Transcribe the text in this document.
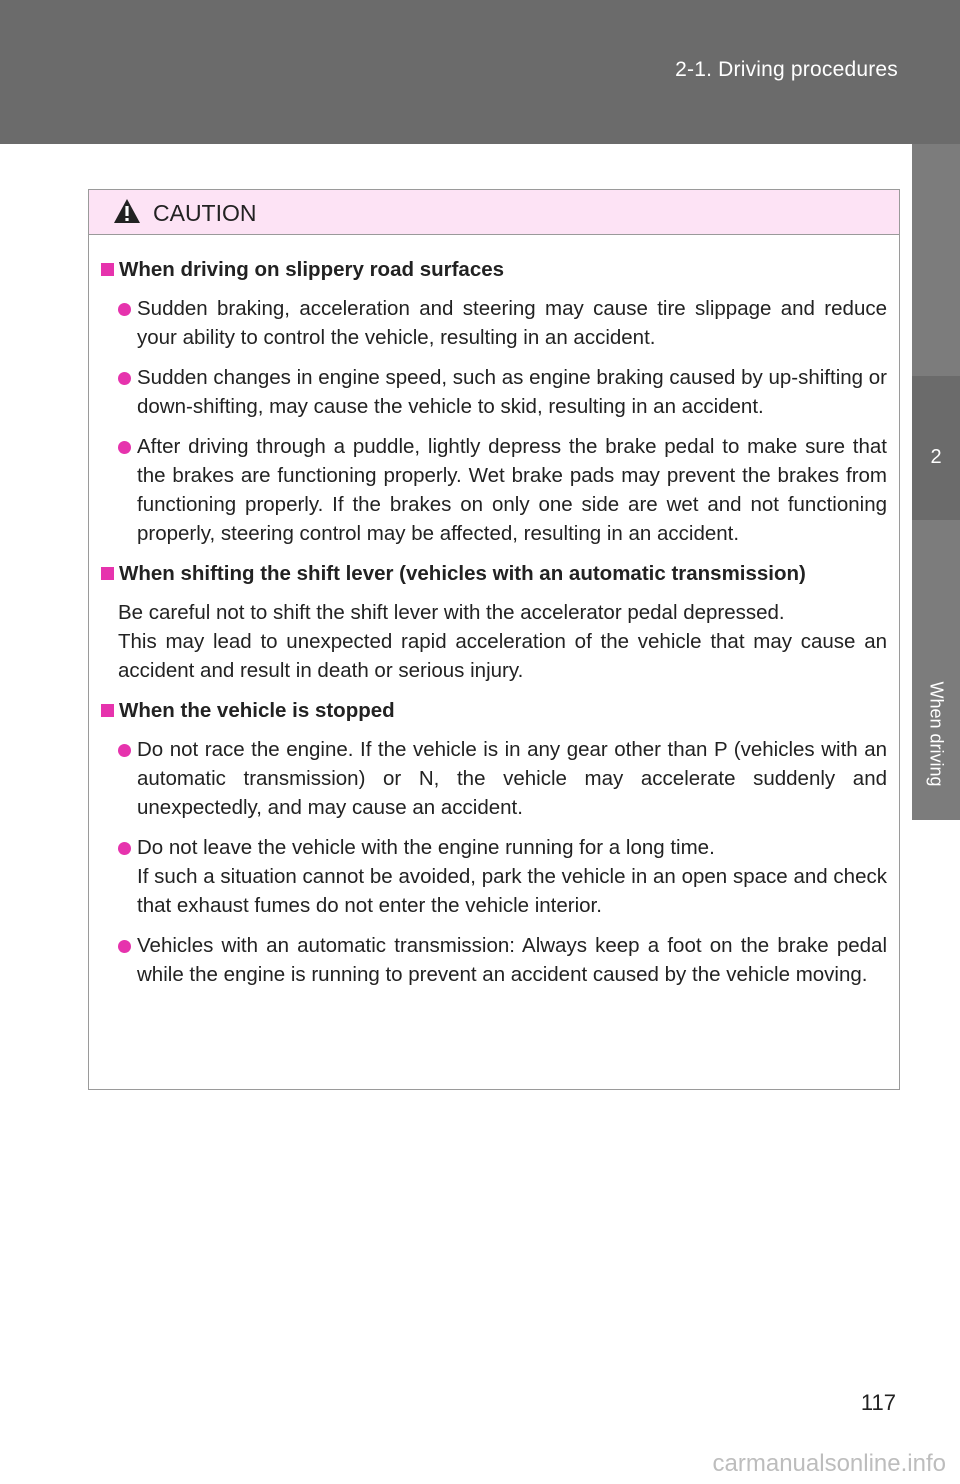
2-1. Driving procedures
2
When driving
CAUTION
When driving on slippery road surfaces
Sudden braking, acceleration and steering may cause tire slippage and reduce your ability to control the vehicle, resulting in an accident.
Sudden changes in engine speed, such as engine braking caused by up-shifting or down-shifting, may cause the vehicle to skid, resulting in an accident.
After driving through a puddle, lightly depress the brake pedal to make sure that the brakes are functioning properly. Wet brake pads may prevent the brakes from functioning properly. If the brakes on only one side are wet and not functioning properly, steering control may be affected, resulting in an accident.
When shifting the shift lever (vehicles with an automatic transmission)
Be careful not to shift the shift lever with the accelerator pedal depressed.
This may lead to unexpected rapid acceleration of the vehicle that may cause an accident and result in death or serious injury.
When the vehicle is stopped
Do not race the engine. If the vehicle is in any gear other than P (vehicles with an automatic transmission) or N, the vehicle may accelerate suddenly and unexpectedly, and may cause an accident.
Do not leave the vehicle with the engine running for a long time.
If such a situation cannot be avoided, park the vehicle in an open space and check that exhaust fumes do not enter the vehicle interior.
Vehicles with an automatic transmission: Always keep a foot on the brake pedal while the engine is running to prevent an accident caused by the vehicle moving.
117
carmanualsonline.info
